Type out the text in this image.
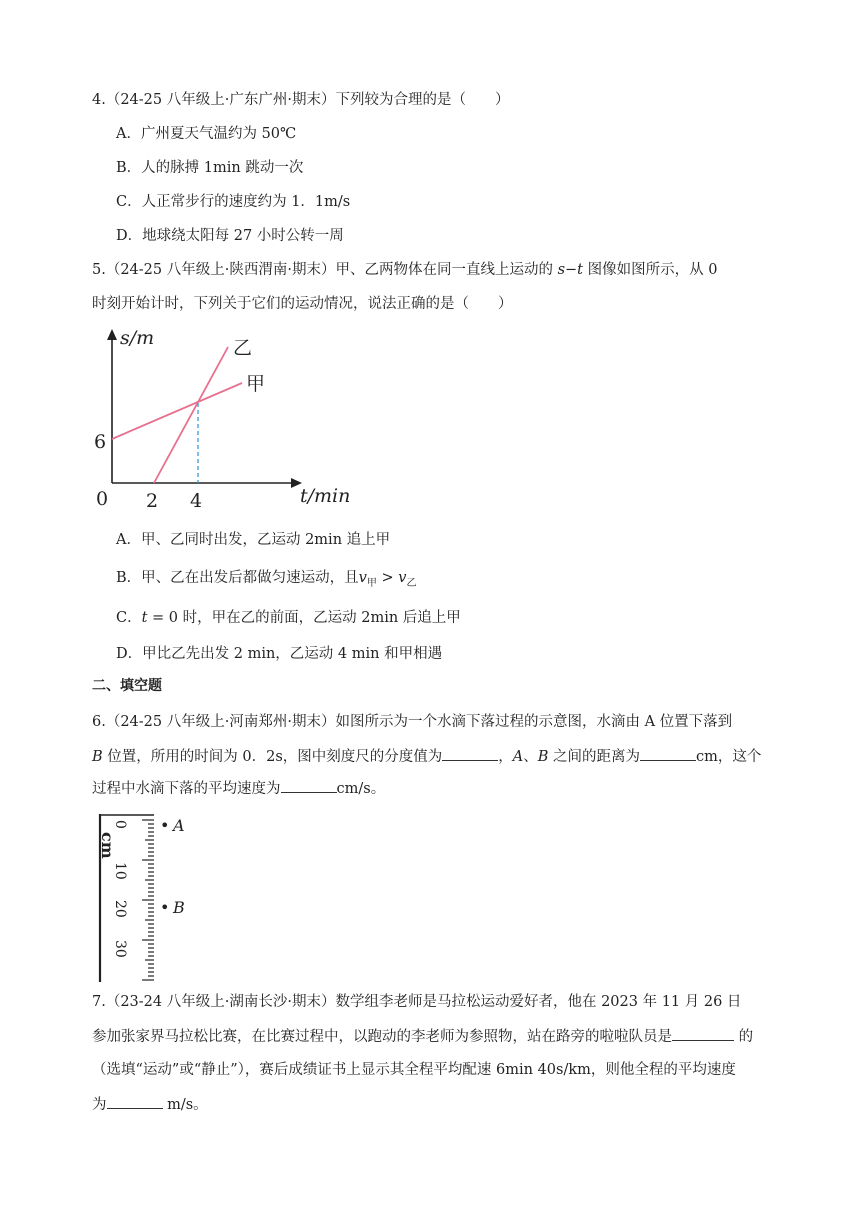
4.（24-25 八年级上·广东广州·期末）下列较为合理的是（　　）
A．广州夏天气温约为 50℃
B．人的脉搏 1min 跳动一次
C．人正常步行的速度约为 1．1m/s
D．地球绕太阳每 27 小时公转一周
5.（24-25 八年级上·陕西渭南·期末）甲、乙两物体在同一直线上运动的 s−t 图像如图所示，从 0
时刻开始计时，下列关于它们的运动情况，说法正确的是（　　）
s/m
t/min
0
6
2 4
乙
甲
A．甲、乙同时出发，乙运动 2min 追上甲
B．甲、乙在出发后都做匀速运动，且$v_甲 > v_乙$
C．t = 0 时，甲在乙的前面，乙运动 2min 后追上甲
D．甲比乙先出发 2 min，乙运动 4 min 和甲相遇
二、填空题
6.（24-25 八年级上·河南郑州·期末）如图所示为一个水滴下落过程的示意图，水滴由 A 位置下落到
B 位置，所用的时间为 0．2s，图中刻度尺的分度值为	，A、B 之间的距离为	cm，这个
过程中水滴下落的平均速度为	cm/s。
cm
0
10
20
30
• A
• B
7.（23-24 八年级上·湖南长沙·期末）数学组李老师是马拉松运动爱好者，他在 2023 年 11 月 26 日
参加张家界马拉松比赛，在比赛过程中，以跑动的李老师为参照物，站在路旁的啦啦队员是	的
（选填“运动”或“静止”），赛后成绩证书上显示其全程平均配速 6min 40s/km，则他全程的平均速度
为	m/s。
